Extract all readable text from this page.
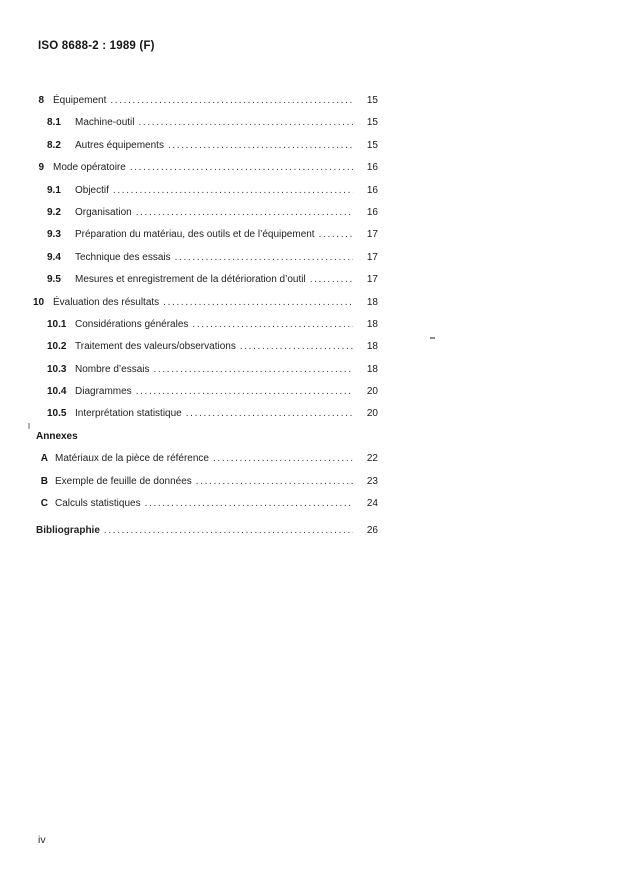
ISO 8688-2 : 1989 (F)
8 Équipement .....	15
8.1	Machine-outil .....	15
8.2	Autres équipements .....	15
9 Mode opératoire .....	16
9.1	Objectif .....	16
9.2	Organisation .....	16
9.3	Préparation du matériau, des outils et de l’équipement .....	17
9.4	Technique des essais .....	17
9.5	Mesures et enregistrement de la détérioration d’outil .....	17
10 Évaluation des résultats .....	18
10.1 Considérations générales .....	18
10.2 Traitement des valeurs/observations .....	18
10.3 Nombre d’essais .....	18
10.4 Diagrammes .....	20
10.5 Interprétation statistique .....	20
Annexes
A Matériaux de la pièce de référence .....	22
B Exemple de feuille de données .....	23
C Calculs statistiques .....	24
Bibliographie .....	26
iv
